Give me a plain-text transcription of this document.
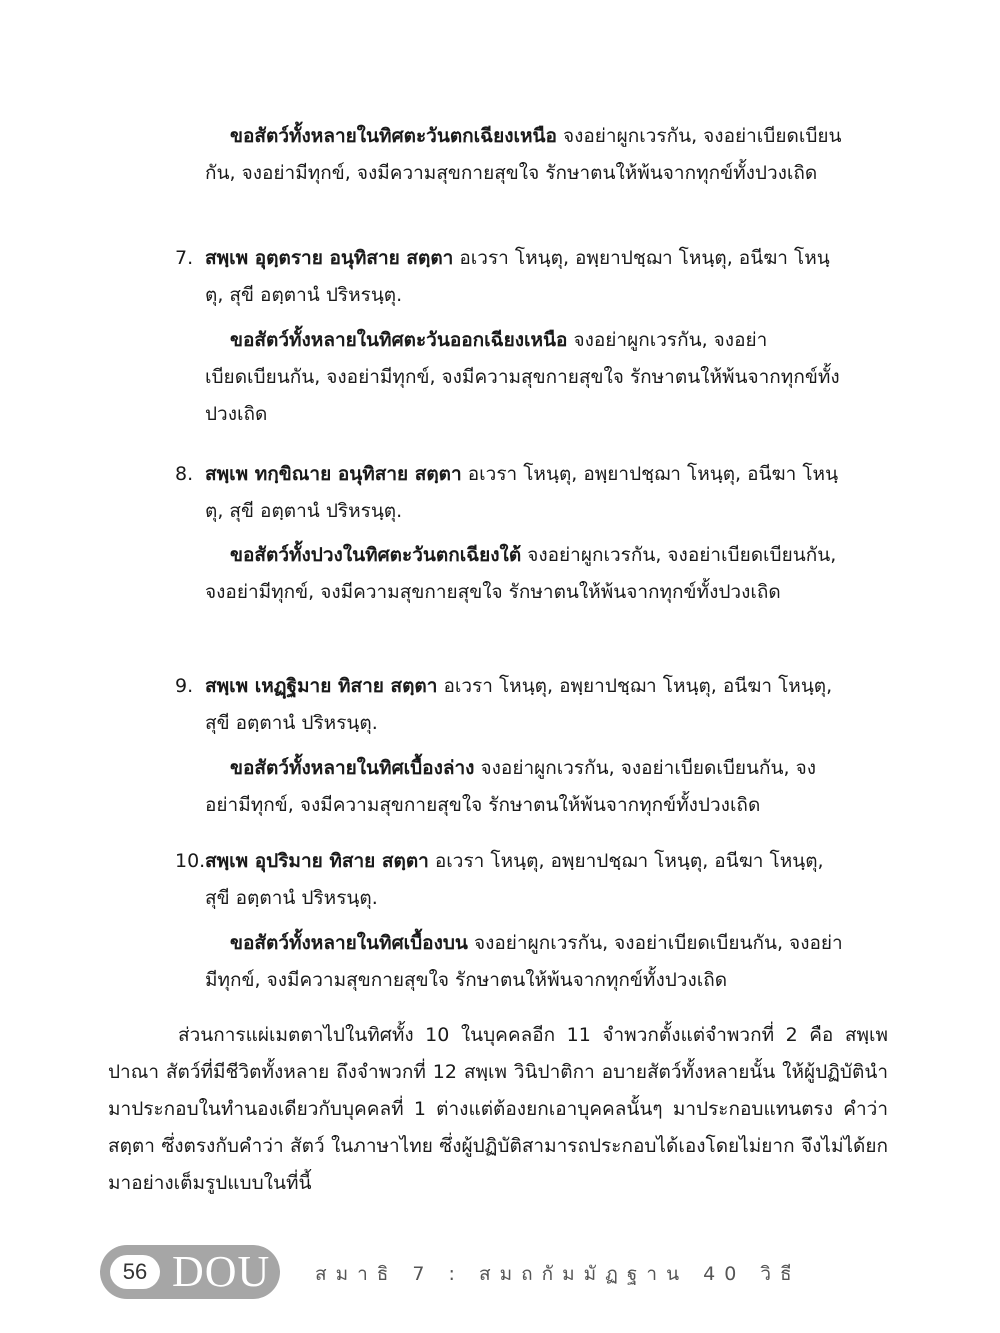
ขอสัตว์ทั้งหลายในทิศตะวันตกเฉียงเหนือ จงอย่าผูกเวรกัน, จงอย่าเบียดเบียนกัน, จงอย่ามีทุกข์, จงมีความสุขกายสุขใจ รักษาตนให้พ้นจากทุกข์ทั้งปวงเถิด

7. สพฺเพ อุตฺตราย อนุทิสาย สตฺตา อเวรา โหนฺตุ, อพฺยาปชฺฌา โหนฺตุ, อนีฆา โหนฺตุ, สุขี อตฺตานํ ปริหรนฺตุ.

ขอสัตว์ทั้งหลายในทิศตะวันออกเฉียงเหนือ จงอย่าผูกเวรกัน, จงอย่าเบียดเบียนกัน, จงอย่ามีทุกข์, จงมีความสุขกายสุขใจ รักษาตนให้พ้นจากทุกข์ทั้งปวงเถิด

8. สพฺเพ ทกฺขิณาย อนุทิสาย สตฺตา อเวรา โหนฺตุ, อพฺยาปชฺฌา โหนฺตุ, อนีฆา โหนฺตุ, สุขี อตฺตานํ ปริหรนฺตุ.

ขอสัตว์ทั้งปวงในทิศตะวันตกเฉียงใต้ จงอย่าผูกเวรกัน, จงอย่าเบียดเบียนกัน, จงอย่ามีทุกข์, จงมีความสุขกายสุขใจ รักษาตนให้พ้นจากทุกข์ทั้งปวงเถิด

9. สพฺเพ เหฏฺฐิมาย ทิสาย สตฺตา อเวรา โหนฺตุ, อพฺยาปชฺฌา โหนฺตุ, อนีฆา โหนฺตุ, สุขี อตฺตานํ ปริหรนฺตุ.

ขอสัตว์ทั้งหลายในทิศเบื้องล่าง จงอย่าผูกเวรกัน, จงอย่าเบียดเบียนกัน, จงอย่ามีทุกข์, จงมีความสุขกายสุขใจ รักษาตนให้พ้นจากทุกข์ทั้งปวงเถิด

10. สพฺเพ อุปริมาย ทิสาย สตฺตา อเวรา โหนฺตุ, อพฺยาปชฺฌา โหนฺตุ, อนีฆา โหนฺตุ, สุขี อตฺตานํ ปริหรนฺตุ.

ขอสัตว์ทั้งหลายในทิศเบื้องบน จงอย่าผูกเวรกัน, จงอย่าเบียดเบียนกัน, จงอย่ามีทุกข์, จงมีความสุขกายสุขใจ รักษาตนให้พ้นจากทุกข์ทั้งปวงเถิด

ส่วนการแผ่เมตตาไปในทิศทั้ง 10 ในบุคคลอีก 11 จำพวกตั้งแต่จำพวกที่ 2 คือ สพฺเพปาณา สัตว์ที่มีชีวิตทั้งหลาย ถึงจำพวกที่ 12 สพฺเพ วินิปาติกา อบายสัตว์ทั้งหลายนั้น ให้ผู้ปฏิบัตินำมาประกอบในทำนองเดียวกับบุคคลที่ 1 ต่างแต่ต้องยกเอาบุคคลนั้นๆ มาประกอบแทนตรง คำว่า สตฺตา ซึ่งตรงกับคำว่า สัตว์ ในภาษาไทย ซึ่งผู้ปฏิบัติสามารถประกอบได้เองโดยไม่ยาก จึงไม่ได้ยกมาอย่างเต็มรูปแบบในที่นี้

56 DOU สมาธิ 7 : สมถกัมมัฏฐาน 40 วิธี
